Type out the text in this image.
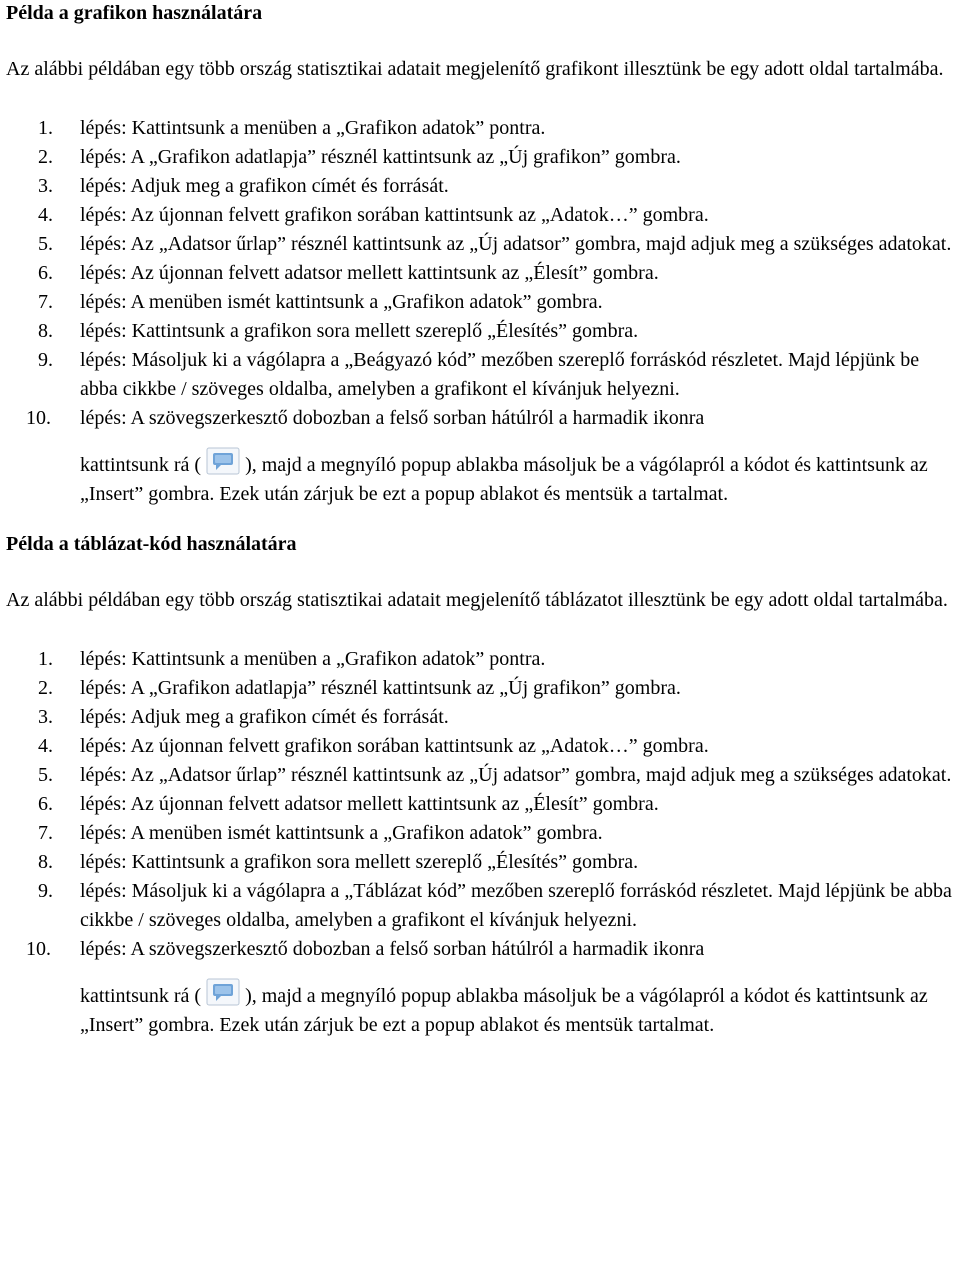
Példa a grafikon használatára

Az alábbi példában egy több ország statisztikai adatait megjelenítő grafikont illesztünk be egy adott oldal tartalmába.

1.	lépés: Kattintsunk a menüben a „Grafikon adatok” pontra.
2.	lépés: A „Grafikon adatlapja” résznél kattintsunk az „Új grafikon” gombra.
3.	lépés: Adjuk meg a grafikon címét és forrását.
4.	lépés: Az újonnan felvett grafikon sorában kattintsunk az „Adatok…” gombra.
5.	lépés: Az „Adatsor űrlap” résznél kattintsunk az „Új adatsor” gombra, majd adjuk meg a szükséges adatokat.
6.	lépés: Az újonnan felvett adatsor mellett kattintsunk az „Élesít” gombra.
7.	lépés: A menüben ismét kattintsunk a „Grafikon adatok” gombra.
8.	lépés: Kattintsunk a grafikon sora mellett szereplő „Élesítés” gombra.
9.	lépés: Másoljuk ki a vágólapra a „Beágyazó kód” mezőben szereplő forráskód részletet. Majd lépjünk be abba cikkbe / szöveges oldalba, amelyben a grafikont el kívánjuk helyezni.
10.	lépés: A szövegszerkesztő dobozban a felső sorban hátúlról a harmadik ikonra
kattintsunk rá ( ), majd a megnyíló popup ablakba másoljuk be a vágólapról a kódot és kattintsunk az „Insert” gombra. Ezek után zárjuk be ezt a popup ablakot és mentsük a tartalmat.
Példa a táblázat-kód használatára

Az alábbi példában egy több ország statisztikai adatait megjelenítő táblázatot illesztünk be egy adott oldal tartalmába.

1.	lépés: Kattintsunk a menüben a „Grafikon adatok” pontra.
2.	lépés: A „Grafikon adatlapja” résznél kattintsunk az „Új grafikon” gombra.
3.	lépés: Adjuk meg a grafikon címét és forrását.
4.	lépés: Az újonnan felvett grafikon sorában kattintsunk az „Adatok…” gombra.
5.	lépés: Az „Adatsor űrlap” résznél kattintsunk az „Új adatsor” gombra, majd adjuk meg a szükséges adatokat.
6.	lépés: Az újonnan felvett adatsor mellett kattintsunk az „Élesít” gombra.
7.	lépés: A menüben ismét kattintsunk a „Grafikon adatok” gombra.
8.	lépés: Kattintsunk a grafikon sora mellett szereplő „Élesítés” gombra.
9.	lépés: Másoljuk ki a vágólapra a „Táblázat kód” mezőben szereplő forráskód részletet. Majd lépjünk be abba cikkbe / szöveges oldalba, amelyben a grafikont el kívánjuk helyezni.
10.	lépés: A szövegszerkesztő dobozban a felső sorban hátúlról a harmadik ikonra
kattintsunk rá ( ), majd a megnyíló popup ablakba másoljuk be a vágólapról a kódot és kattintsunk az „Insert” gombra. Ezek után zárjuk be ezt a popup ablakot és mentsük tartalmat.
